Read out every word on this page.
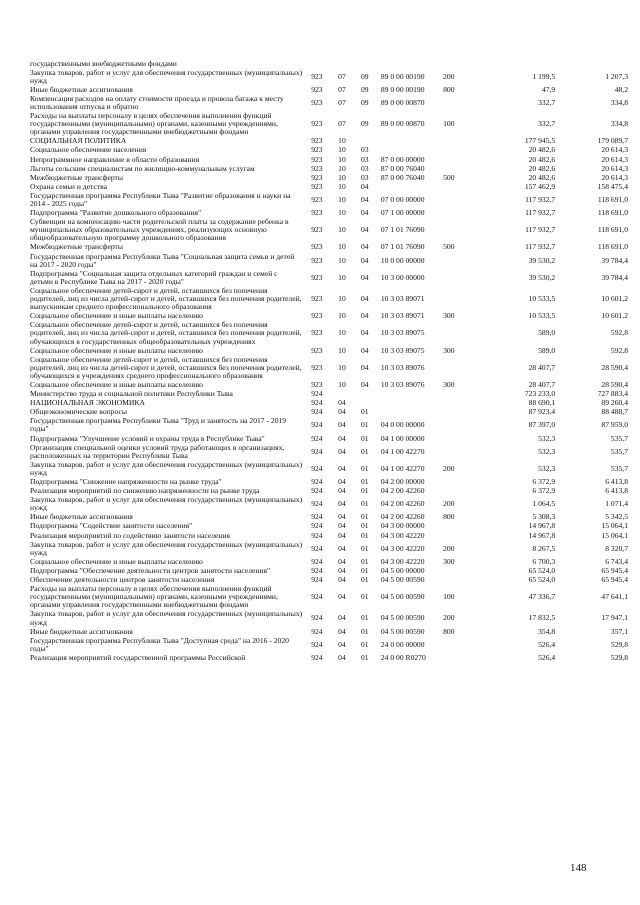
государственными внебюджетными фондами							
Закупка товаров, работ и услуг для обеспечения государственных (муниципальных) нужд	923	07	09	89 0 00 00190	200	1 199,5	1 207,3
Иные бюджетные ассигнования	923	07	09	89 0 00 00190	800	47,9	48,2
Компенсация расходов на оплату стоимости проезда и провоза багажа к месту использования отпуска и обратно	923	07	09	89 0 00 00870		332,7	334,8
Расходы на выплаты персоналу в целях обеспечения выполнения функций государственными (муниципальными) органами, казенными учреждениями, органами управления государственными внебюджетными фондами	923	07	09	89 0 00 00870	100	332,7	334,8
СОЦИАЛЬНАЯ ПОЛИТИКА	923	10				177 945,5	179 089,7
Социальное обеспечение населения	923	10	03			20 482,6	20 614,3
Непрограммное направление в области образования	923	10	03	87 0 00 00000		20 482,6	20 614,3
Льготы сельским специалистам по жилищно-коммунальным услугам	923	10	03	87 0 00 76040		20 482,6	20 614,3
Межбюджетные трансферты	923	10	03	87 0 00 76040	500	20 482,6	20 614,3
Охрана семьи и детства	923	10	04			157 462,9	158 475,4
Государственная программа Республики Тыва "Развитие образования и науки на 2014 - 2025 годы"	923	10	04	07 0 00 00000		117 932,7	118 691,0
Подпрограмма "Развитие дошкольного образования"	923	10	04	07 1 00 00000		117 932,7	118 691,0
Субвенции на компенсацию части родительской платы за содержание ребенка в муниципальных образовательных учреждениях, реализующих основную общеобразовательную программу дошкольного образования	923	10	04	07 1 01 76090		117 932,7	118 691,0
Межбюджетные трансферты	923	10	04	07 1 01 76090	500	117 932,7	118 691,0
Государственная программа Республики Тыва "Социальная защита семьи и детей на 2017 - 2020 годы"	923	10	04	10 0 00 00000		39 530,2	39 784,4
Подпрограмма "Социальная защита отдельных категорий граждан и семей с детьми в Республике Тыва на 2017 - 2020 годы"	923	10	04	10 3 00 00000		39 530,2	39 784,4
Социальное обеспечение детей-сирот и детей, оставшихся без попечения родителей, лиц из числа детей-сирот и детей, оставшихся без попечения родителей, выпускникам среднего профессионального образования	923	10	04	10 3 03 89071		10 533,5	10 601,2
Социальное обеспечение и иные выплаты населению	923	10	04	10 3 03 89071	300	10 533,5	10 601,2
Социальное обеспечение детей-сирот и детей, оставшихся без попечения родителей, лиц из числа детей-сирот и детей, оставшихся без попечения родителей, обучающихся в государственных общеобразовательных учреждениях	923	10	04	10 3 03 89075		589,0	592,8
Социальное обеспечение и иные выплаты населению	923	10	04	10 3 03 89075	300	589,0	592,8
Социальное обеспечение детей-сирот и детей, оставшихся без попечения родителей, лиц из числа детей-сирот и детей, оставшихся без попечения родителей, обучающихся в учреждениях среднего профессионального образования	923	10	04	10 3 03 89076		28 407,7	28 590,4
Социальное обеспечение и иные выплаты населению	923	10	04	10 3 03 89076	300	28 407,7	28 590,4
Министерство труда и социальной политики Республики Тыва	924					723 233,0	727 883,4
НАЦИОНАЛЬНАЯ ЭКОНОМИКА	924	04				88 690,1	89 260,4
Общеэкономические вопросы	924	04	01			87 923,4	88 488,7
Государственная программа Республики Тыва "Труд и занятость на 2017 - 2019 годы"	924	04	01	04 0 00 00000		87 397,0	87 959,0
Подпрограмма "Улучшение условий и охраны труда в Республике Тыва"	924	04	01	04 1 00 00000		532,3	535,7
Организация специальной оценки условий труда работающих в организациях, расположенных на территории Республики Тыва	924	04	01	04 1 00 42270		532,3	535,7
Закупка товаров, работ и услуг для обеспечения государственных (муниципальных) нужд	924	04	01	04 1 00 42270	200	532,3	535,7
Подпрограмма "Снижение напряженности на рынке труда"	924	04	01	04 2 00 00000		6 372,9	6 413,8
Реализация мероприятий по снижению напряженности на рынке труда	924	04	01	04 2 00 42260		6 372,9	6 413,8
Закупка товаров, работ и услуг для обеспечения государственных (муниципальных) нужд	924	04	01	04 2 00 42260	200	1 064,5	1 071,4
Иные бюджетные ассигнования	924	04	01	04 2 00 42260	800	5 308,3	5 342,5
Подпрограмма "Содействие занятости населения"	924	04	01	04 3 00 00000		14 967,8	15 064,1
Реализация мероприятий по содействию занятости населения	924	04	01	04 3 00 42220		14 967,8	15 064,1
Закупка товаров, работ и услуг для обеспечения государственных (муниципальных) нужд	924	04	01	04 3 00 42220	200	8 267,5	8 320,7
Социальное обеспечение и иные выплаты населению	924	04	01	04 3 00 42220	300	6 700,3	6 743,4
Подпрограмма "Обеспечение деятельности центров занятости населения"	924	04	01	04 5 00 00000		65 524,0	65 945,4
Обеспечение деятельности центров занятости населения	924	04	01	04 5 00 00590		65 524,0	65 945,4
Расходы на выплаты персоналу в целях обеспечения выполнения функций государственными (муниципальными) органами, казенными учреждениями, органами управления государственными внебюджетными фондами	924	04	01	04 5 00 00590	100	47 336,7	47 641,1
Закупка товаров, работ и услуг для обеспечения государственных (муниципальных) нужд	924	04	01	04 5 00 00590	200	17 832,5	17 947,1
Иные бюджетные ассигнования	924	04	01	04 5 00 00590	800	354,8	357,1
Государственная программа Республики Тыва "Доступная среда" на 2016 - 2020 годы"	924	04	01	24 0 00 00000		526,4	529,8
Реализация мероприятий государственной программы Российской	924	04	01	24 0 00 R0270		526,4	529,8
148
